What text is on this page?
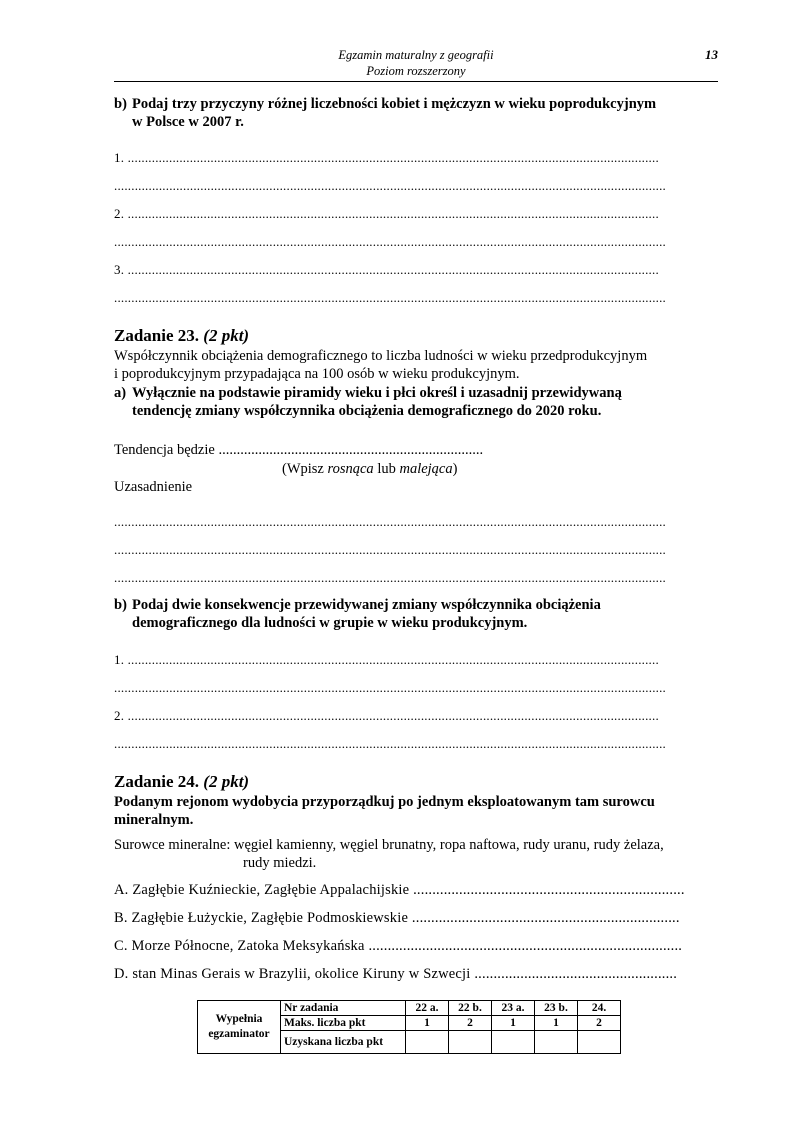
Egzamin maturalny z geografii
Poziom rozszerzony
13
b) Podaj trzy przyczyny różnej liczebności kobiet i mężczyzn w wieku poprodukcyjnym
w Polsce w 2007 r.
1. ..........................................................................................................................................................
................................................................................................................................................................
2. ..........................................................................................................................................................
................................................................................................................................................................
3. ..........................................................................................................................................................
................................................................................................................................................................
Zadanie 23. (2 pkt)
Współczynnik obciążenia demograficznego to liczba ludności w wieku przedprodukcyjnym
i poprodukcyjnym przypadająca na 100 osób w wieku produkcyjnym.
a) Wyłącznie na podstawie piramidy wieku i płci określ i uzasadnij przewidywaną
tendencję zmiany współczynnika obciążenia demograficznego do 2020 roku.
Tendencja będzie .........................................................................
(Wpisz rosnąca lub malejąca)
Uzasadnienie
................................................................................................................................................................
................................................................................................................................................................
................................................................................................................................................................
b) Podaj dwie konsekwencje przewidywanej zmiany współczynnika obciążenia
demograficznego dla ludności w grupie w wieku produkcyjnym.
1. ..........................................................................................................................................................
................................................................................................................................................................
2. ..........................................................................................................................................................
................................................................................................................................................................
Zadanie 24. (2 pkt)
Podanym rejonom wydobycia przyporządkuj po jednym eksploatowanym tam surowcu
mineralnym.
Surowce mineralne: węgiel kamienny, węgiel brunatny, ropa naftowa, rudy uranu, rudy żelaza,
rudy miedzi.
A. Zagłębie Kuźnieckie, Zagłębie Appalachijskie .......................................................................
B. Zagłębie Łużyckie, Zagłębie Podmoskiewskie ......................................................................
C. Morze Północne, Zatoka Meksykańska ..................................................................................
D. stan Minas Gerais w Brazylii, okolice Kiruny w Szwecji .....................................................
Wypełnia
egzaminator	Nr zadania	22 a.	22 b.	23 a.	23 b.	24.
	Maks. liczba pkt	1	2	1	1	2
	Uzyskana liczba pkt					
